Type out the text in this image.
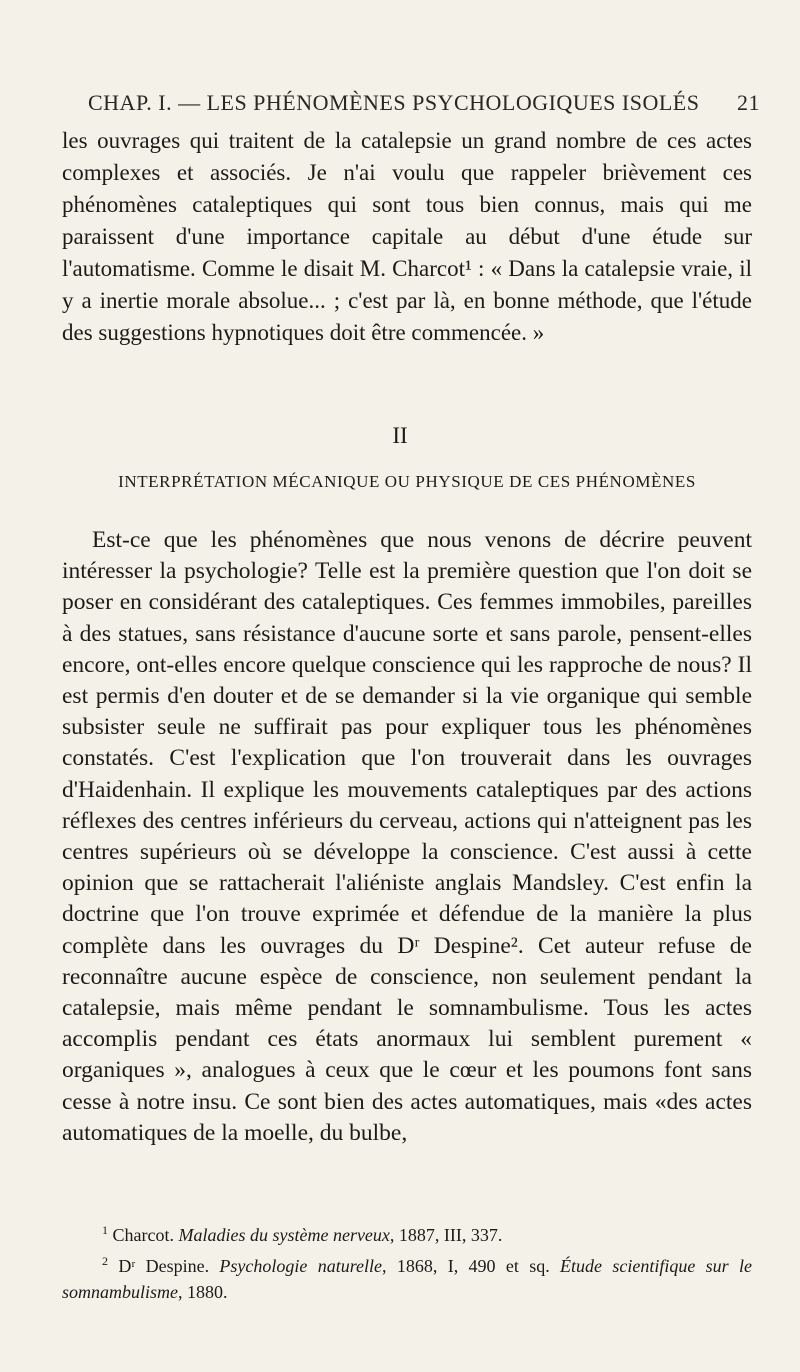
CHAP. I. — LES PHÉNOMÈNES PSYCHOLOGIQUES ISOLÉS 21

les ouvrages qui traitent de la catalepsie un grand nombre de ces actes complexes et associés. Je n'ai voulu que rappeler brièvement ces phénomènes cataleptiques qui sont tous bien connus, mais qui me paraissent d'une importance capitale au début d'une étude sur l'automatisme. Comme le disait M. Charcot¹ : « Dans la catalepsie vraie, il y a inertie morale absolue... ; c'est par là, en bonne méthode, que l'étude des suggestions hypnotiques doit être commencée. »

II
INTERPRÉTATION MÉCANIQUE OU PHYSIQUE DE CES PHÉNOMÈNES

Est-ce que les phénomènes que nous venons de décrire peuvent intéresser la psychologie? Telle est la première question que l'on doit se poser en considérant des cataleptiques. Ces femmes immobiles, pareilles à des statues, sans résistance d'aucune sorte et sans parole, pensent-elles encore, ont-elles encore quelque conscience qui les rapproche de nous? Il est permis d'en douter et de se demander si la vie organique qui semble subsister seule ne suffirait pas pour expliquer tous les phénomènes constatés. C'est l'explication que l'on trouverait dans les ouvrages d'Haidenhain. Il explique les mouvements cataleptiques par des actions réflexes des centres inférieurs du cerveau, actions qui n'atteignent pas les centres supérieurs où se développe la conscience. C'est aussi à cette opinion que se rattacherait l'aliéniste anglais Mandsley. C'est enfin la doctrine que l'on trouve exprimée et défendue de la manière la plus complète dans les ouvrages du Dʳ Despine². Cet auteur refuse de reconnaître aucune espèce de conscience, non seulement pendant la catalepsie, mais même pendant le somnambulisme. Tous les actes accomplis pendant ces états anormaux lui semblent purement « organiques », analogues à ceux que le cœur et les poumons font sans cesse à notre insu. Ce sont bien des actes automatiques, mais «des actes automatiques de la moelle, du bulbe,

$^1$ Charcot. Maladies du système nerveux, 1887, III, 337.

$^2$ Dʳ Despine. Psychologie naturelle, 1868, I, 490 et sq. Étude scientifique sur le somnambulisme, 1880.
